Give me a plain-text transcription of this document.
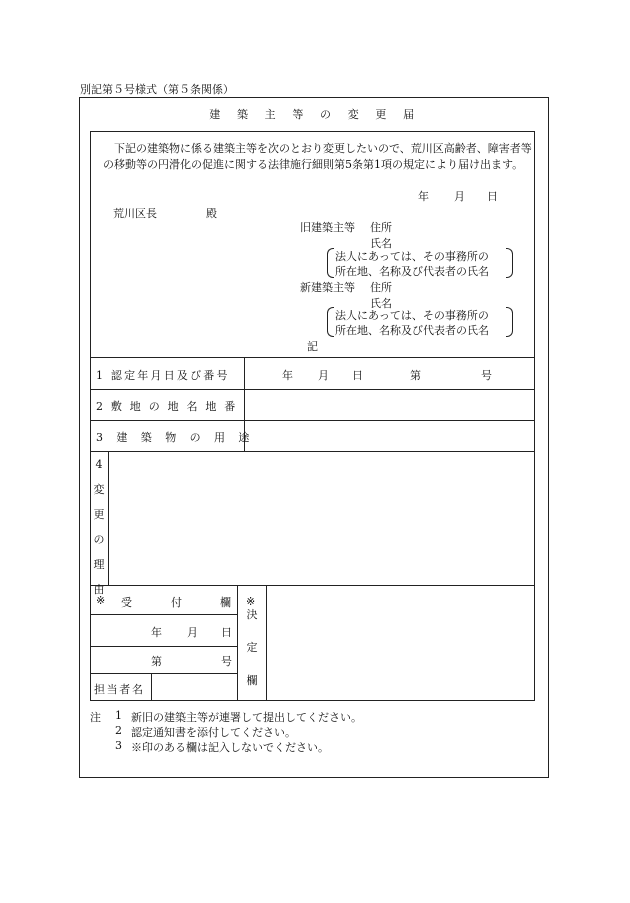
別記第５号様式（第５条関係）
建 築 主 等 の 変 更 届
下記の建築物に係る建築主等を次のとおり変更したいので、荒川区高齢者、障害者等の移動等の円滑化の促進に関する法律施行細則第5条第1項の規定により届け出ます。
年 月 日
荒川区長	殿
旧建築主等 住所
氏名
法人にあっては、その事務所の
所在地、名称及び代表者の氏名
新建築主等 住所
氏名
法人にあっては、その事務所の
所在地、名称及び代表者の氏名
記
1 認定年月日及び番号	年 月 日	第	号
2 敷 地 の 地 名 地 番
3 建 築 物 の 用 途
4変更の理由
※ 受	付	欄
年 月 日
第	号
担当者名
※
決定欄
注 1 新旧の建築主等が連署して提出してください。
2 認定通知書を添付してください。
3 ※印のある欄は記入しないでください。
